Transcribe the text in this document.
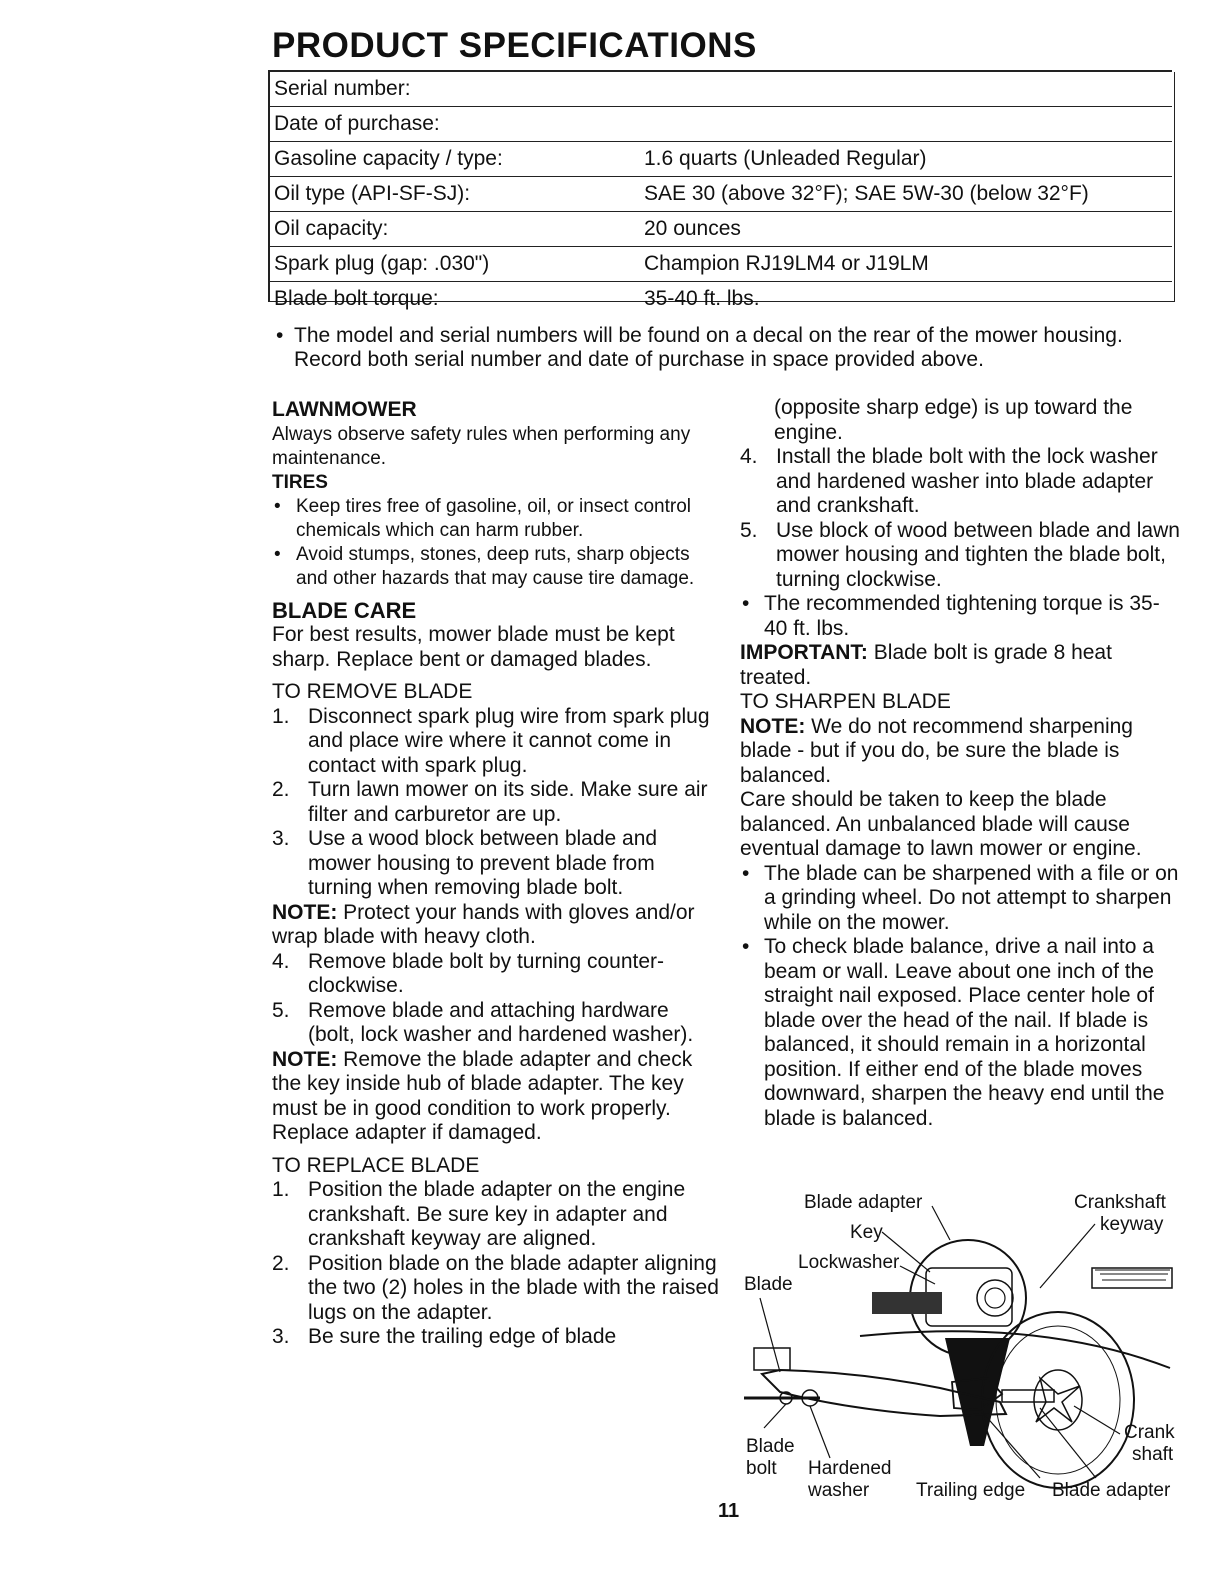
PRODUCT SPECIFICATIONS
Serial number:	
Date of purchase:	
Gasoline capacity / type:	1.6 quarts (Unleaded Regular)
Oil type (API-SF-SJ):	SAE 30 (above 32°F); SAE 5W-30 (below 32°F)
Oil capacity:	20 ounces
Spark plug (gap: .030")	Champion RJ19LM4 or J19LM
Blade bolt torque:	35-40 ft. lbs.
• The model and serial numbers will be found on a decal on the rear of the mower housing. Record both serial number and date of purchase in space provided above.

LAWNMOWER

Always observe safety rules when performing any maintenance.

TIRES

• Keep tires free of gasoline, oil, or insect control chemicals which can harm rubber.
• Avoid stumps, stones, deep ruts, sharp objects and other hazards that may cause tire damage.

BLADE CARE

For best results, mower blade must be kept sharp. Replace bent or damaged blades.

TO REMOVE BLADE

1. Disconnect spark plug wire from spark plug and place wire where it cannot come in contact with spark plug.
2. Turn lawn mower on its side. Make sure air filter and carburetor are up.
3. Use a wood block between blade and mower housing to prevent blade from turning when removing blade bolt.

NOTE: Protect your hands with gloves and/or wrap blade with heavy cloth.

4. Remove blade bolt by turning counter-clockwise.
5. Remove blade and attaching hardware (bolt, lock washer and hardened washer).

NOTE: Remove the blade adapter and check the key inside hub of blade adapter. The key must be in good condition to work properly. Replace adapter if damaged.

TO REPLACE BLADE

1. Position the blade adapter on the engine crankshaft. Be sure key in adapter and crankshaft keyway are aligned.
2. Position blade on the blade adapter aligning the two (2) holes in the blade with the raised lugs on the adapter.
3. Be sure the trailing edge of blade

(opposite sharp edge) is up toward the engine.

4. Install the blade bolt with the lock washer and hardened washer into blade adapter and crankshaft.
5. Use block of wood between blade and lawn mower housing and tighten the blade bolt, turning clockwise.
• The recommended tightening torque is 35-40 ft. lbs.

IMPORTANT: Blade bolt is grade 8 heat treated.

TO SHARPEN BLADE

NOTE: We do not recommend sharpening blade - but if you do, be sure the blade is balanced.

Care should be taken to keep the blade balanced. An unbalanced blade will cause eventual damage to lawn mower or engine.

• The blade can be sharpened with a file or on a grinding wheel. Do not attempt to sharpen while on the mower.
• To check blade balance, drive a nail into a beam or wall. Leave about one inch of the straight nail exposed. Place center hole of blade over the head of the nail. If blade is balanced, it should remain in a horizontal position. If either end of the blade moves downward, sharpen the heavy end until the blade is balanced.
Blade adapter	Crankshaft
keyway
Key
Lockwasher
Blade
Blade
bolt Hardened
washer Trailing edge Blade adapter
Crank
shaft
11
